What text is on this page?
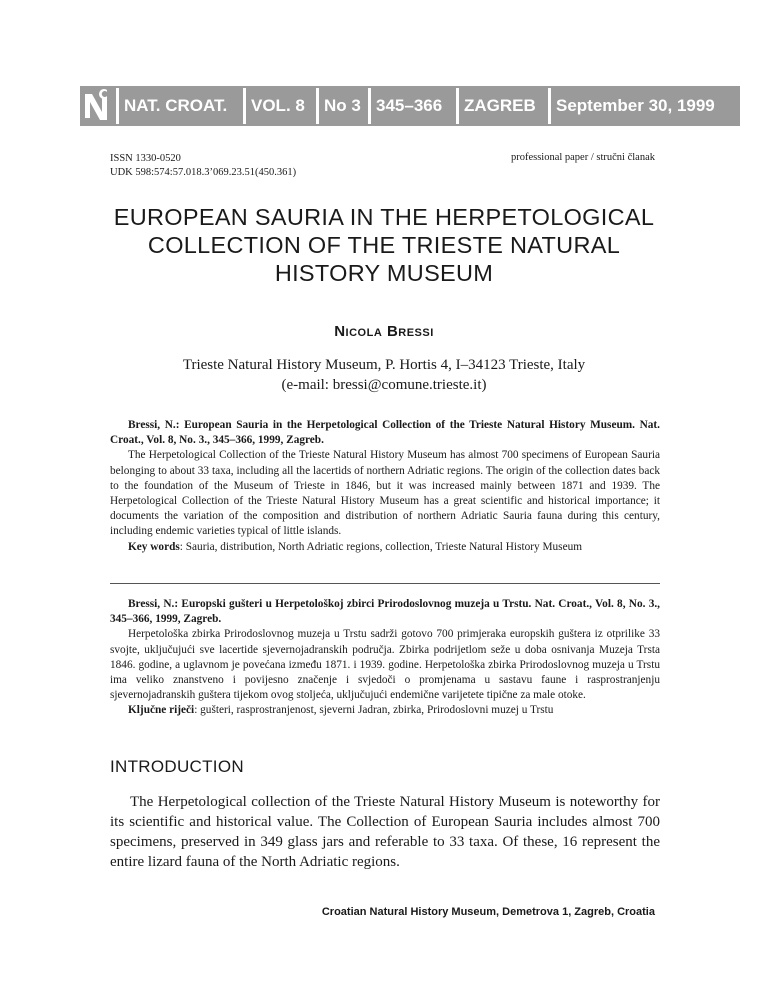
NAT. CROAT. VOL. 8 No 3 345–366 ZAGREB September 30, 1999
ISSN 1330-0520
UDK 598:574:57.018.3’069.23.51(450.361)
professional paper / stručni članak
EUROPEAN SAURIA IN THE HERPETOLOGICAL
COLLECTION OF THE TRIESTE NATURAL
HISTORY MUSEUM
Nicola Bressi
Trieste Natural History Museum, P. Hortis 4, I–34123 Trieste, Italy
(e-mail: bressi@comune.trieste.it)

Bressi, N.: European Sauria in the Herpetological Collection of the Trieste Natural History Museum. Nat. Croat., Vol. 8, No. 3., 345–366, 1999, Zagreb.

The Herpetological Collection of the Trieste Natural History Museum has almost 700 specimens of European Sauria belonging to about 33 taxa, including all the lacertids of northern Adriatic regions. The origin of the collection dates back to the foundation of the Museum of Trieste in 1846, but it was increased mainly between 1871 and 1939. The Herpetological Collection of the Trieste Natural History Museum has a great scientific and historical importance; it documents the variation of the composition and distribution of northern Adriatic Sauria fauna during this century, including endemic varieties typical of little islands.

Key words: Sauria, distribution, North Adriatic regions, collection, Trieste Natural History Museum

Bressi, N.: Europski gušteri u Herpetološkoj zbirci Prirodoslovnog muzeja u Trstu. Nat. Croat., Vol. 8, No. 3., 345–366, 1999, Zagreb.

Herpetološka zbirka Prirodoslovnog muzeja u Trstu sadrži gotovo 700 primjeraka europskih guštera iz otprilike 33 svojte, uključujući sve lacertide sjevernojadranskih područja. Zbirka podrijetlom seže u doba osnivanja Muzeja Trsta 1846. godine, a uglavnom je povećana između 1871. i 1939. godine. Herpetološka zbirka Prirodoslovnog muzeja u Trstu ima veliko znanstveno i povijesno značenje i svjedoči o promjenama u sastavu faune i rasprostranjenju sjevernojadranskih guštera tijekom ovog stoljeća, uključujući endemične varijetete tipične za male otoke.

Ključne riječi: gušteri, rasprostranjenost, sjeverni Jadran, zbirka, Prirodoslovni muzej u Trstu

INTRODUCTION

The Herpetological collection of the Trieste Natural History Museum is noteworthy for its scientific and historical value. The Collection of European Sauria includes almost 700 specimens, preserved in 349 glass jars and referable to 33 taxa. Of these, 16 represent the entire lizard fauna of the North Adriatic regions.

Croatian Natural History Museum, Demetrova 1, Zagreb, Croatia
